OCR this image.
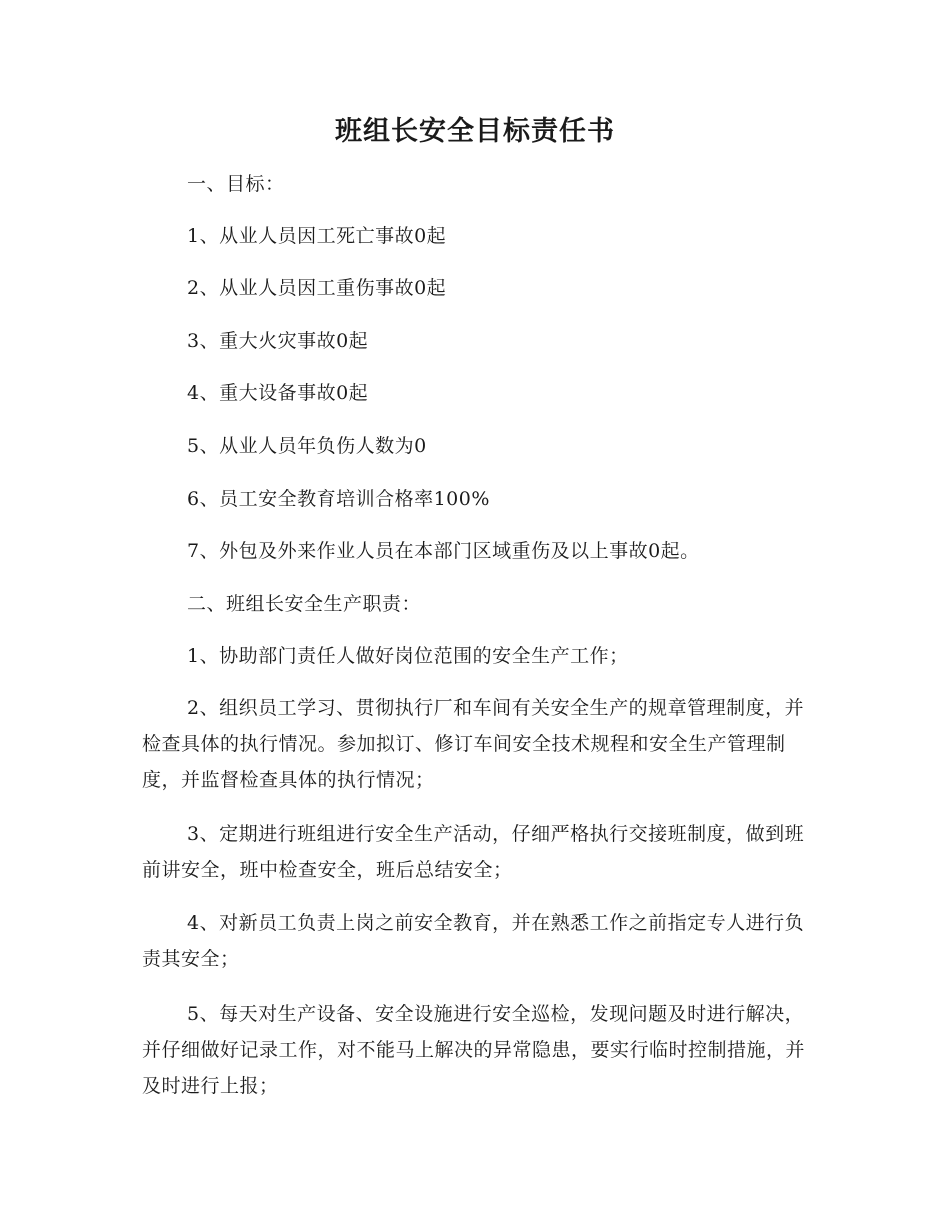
班组长安全目标责任书

一、目标：

1、从业人员因工死亡事故0起

2、从业人员因工重伤事故0起

3、重大火灾事故0起

4、重大设备事故0起

5、从业人员年负伤人数为0

6、员工安全教育培训合格率100%

7、外包及外来作业人员在本部门区域重伤及以上事故0起。

二、班组长安全生产职责：

1、协助部门责任人做好岗位范围的安全生产工作；

2、组织员工学习、贯彻执行厂和车间有关安全生产的规章管理制度，并检查具体的执行情况。参加拟订、修订车间安全技术规程和安全生产管理制度，并监督检查具体的执行情况；

3、定期进行班组进行安全生产活动，仔细严格执行交接班制度，做到班前讲安全，班中检查安全，班后总结安全；

4、对新员工负责上岗之前安全教育，并在熟悉工作之前指定专人进行负责其安全；

5、每天对生产设备、安全设施进行安全巡检，发现问题及时进行解决，并仔细做好记录工作，对不能马上解决的异常隐患，要实行临时控制措施，并及时进行上报；
